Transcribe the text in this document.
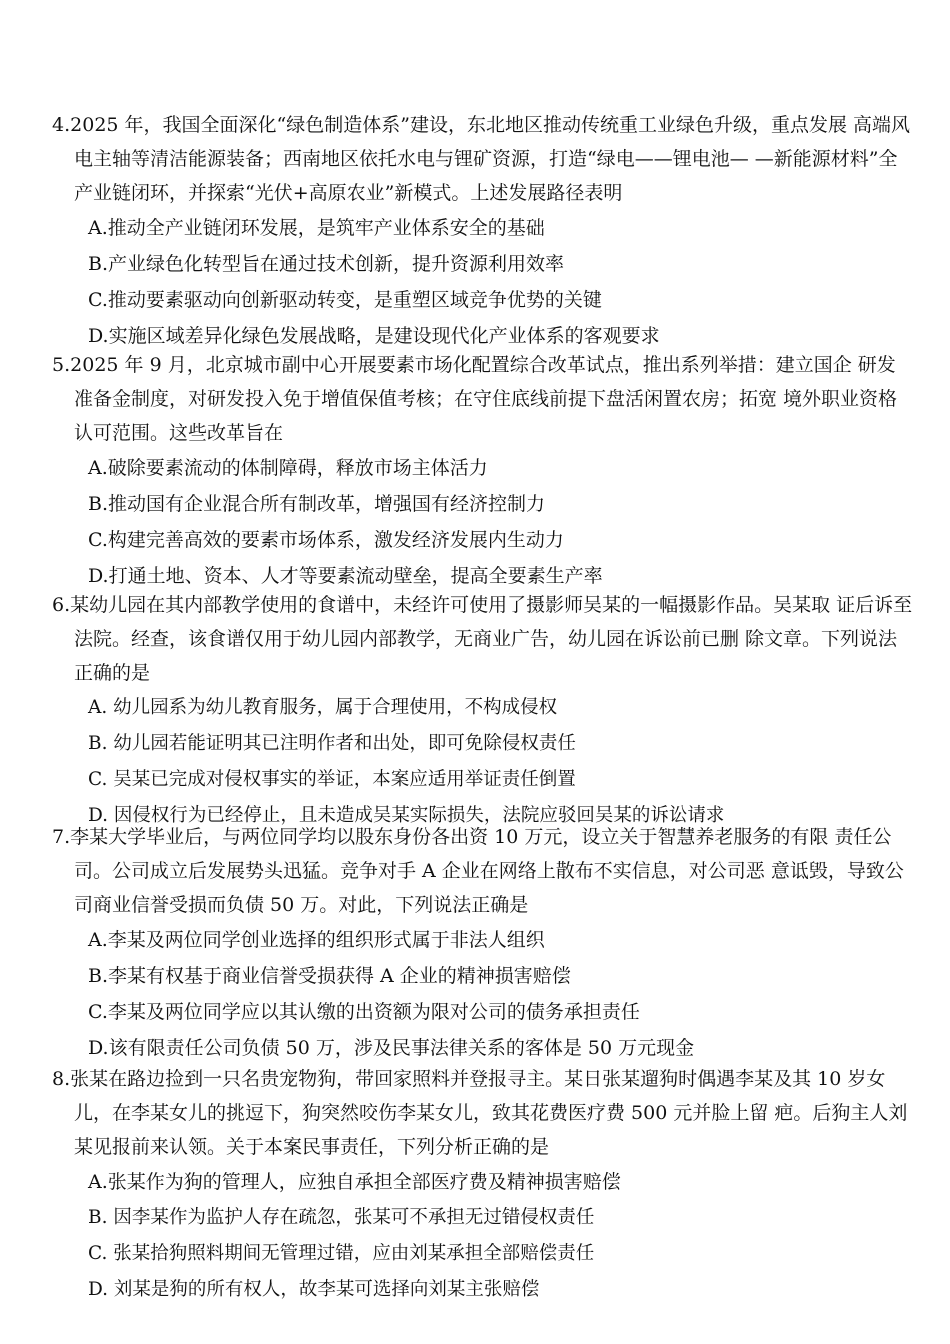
4.2025 年，我国全面深化“绿色制造体系”建设，东北地区推动传统重工业绿色升级，重点发展 高端风电主轴等清洁能源装备；西南地区依托水电与锂矿资源，打造“绿电——锂电池— —新能源材料”全产业链闭环，并探索“光伏+高原农业”新模式。上述发展路径表明
A.推动全产业链闭环发展，是筑牢产业体系安全的基础
B.产业绿色化转型旨在通过技术创新，提升资源利用效率
C.推动要素驱动向创新驱动转变，是重塑区域竞争优势的关键
D.实施区域差异化绿色发展战略，是建设现代化产业体系的客观要求
5.2025 年 9 月，北京城市副中心开展要素市场化配置综合改革试点，推出系列举措：建立国企 研发准备金制度，对研发投入免于增值保值考核；在守住底线前提下盘活闲置农房；拓宽 境外职业资格认可范围。这些改革旨在
A.破除要素流动的体制障碍，释放市场主体活力
B.推动国有企业混合所有制改革，增强国有经济控制力
C.构建完善高效的要素市场体系，激发经济发展内生动力
D.打通土地、资本、人才等要素流动壁垒，提高全要素生产率
6.某幼儿园在其内部教学使用的食谱中，未经许可使用了摄影师吴某的一幅摄影作品。吴某取 证后诉至法院。经查，该食谱仅用于幼儿园内部教学，无商业广告，幼儿园在诉讼前已删 除文章。下列说法正确的是
A. 幼儿园系为幼儿教育服务，属于合理使用，不构成侵权
B. 幼儿园若能证明其已注明作者和出处，即可免除侵权责任
C. 吴某已完成对侵权事实的举证，本案应适用举证责任倒置
D. 因侵权行为已经停止，且未造成吴某实际损失，法院应驳回吴某的诉讼请求
7.李某大学毕业后，与两位同学均以股东身份各出资 10 万元，设立关于智慧养老服务的有限 责任公司。公司成立后发展势头迅猛。竞争对手 A 企业在网络上散布不实信息，对公司恶 意诋毁，导致公司商业信誉受损而负债 50 万。对此，下列说法正确是
A.李某及两位同学创业选择的组织形式属于非法人组织
B.李某有权基于商业信誉受损获得 A 企业的精神损害赔偿
C.李某及两位同学应以其认缴的出资额为限对公司的债务承担责任
D.该有限责任公司负债 50 万，涉及民事法律关系的客体是 50 万元现金
8.张某在路边捡到一只名贵宠物狗，带回家照料并登报寻主。某日张某遛狗时偶遇李某及其 10 岁女儿，在李某女儿的挑逗下，狗突然咬伤李某女儿，致其花费医疗费 500 元并脸上留 疤。后狗主人刘某见报前来认领。关于本案民事责任，下列分析正确的是
A.张某作为狗的管理人，应独自承担全部医疗费及精神损害赔偿
B. 因李某作为监护人存在疏忽，张某可不承担无过错侵权责任
C. 张某拾狗照料期间无管理过错，应由刘某承担全部赔偿责任
D. 刘某是狗的所有权人，故李某可选择向刘某主张赔偿
